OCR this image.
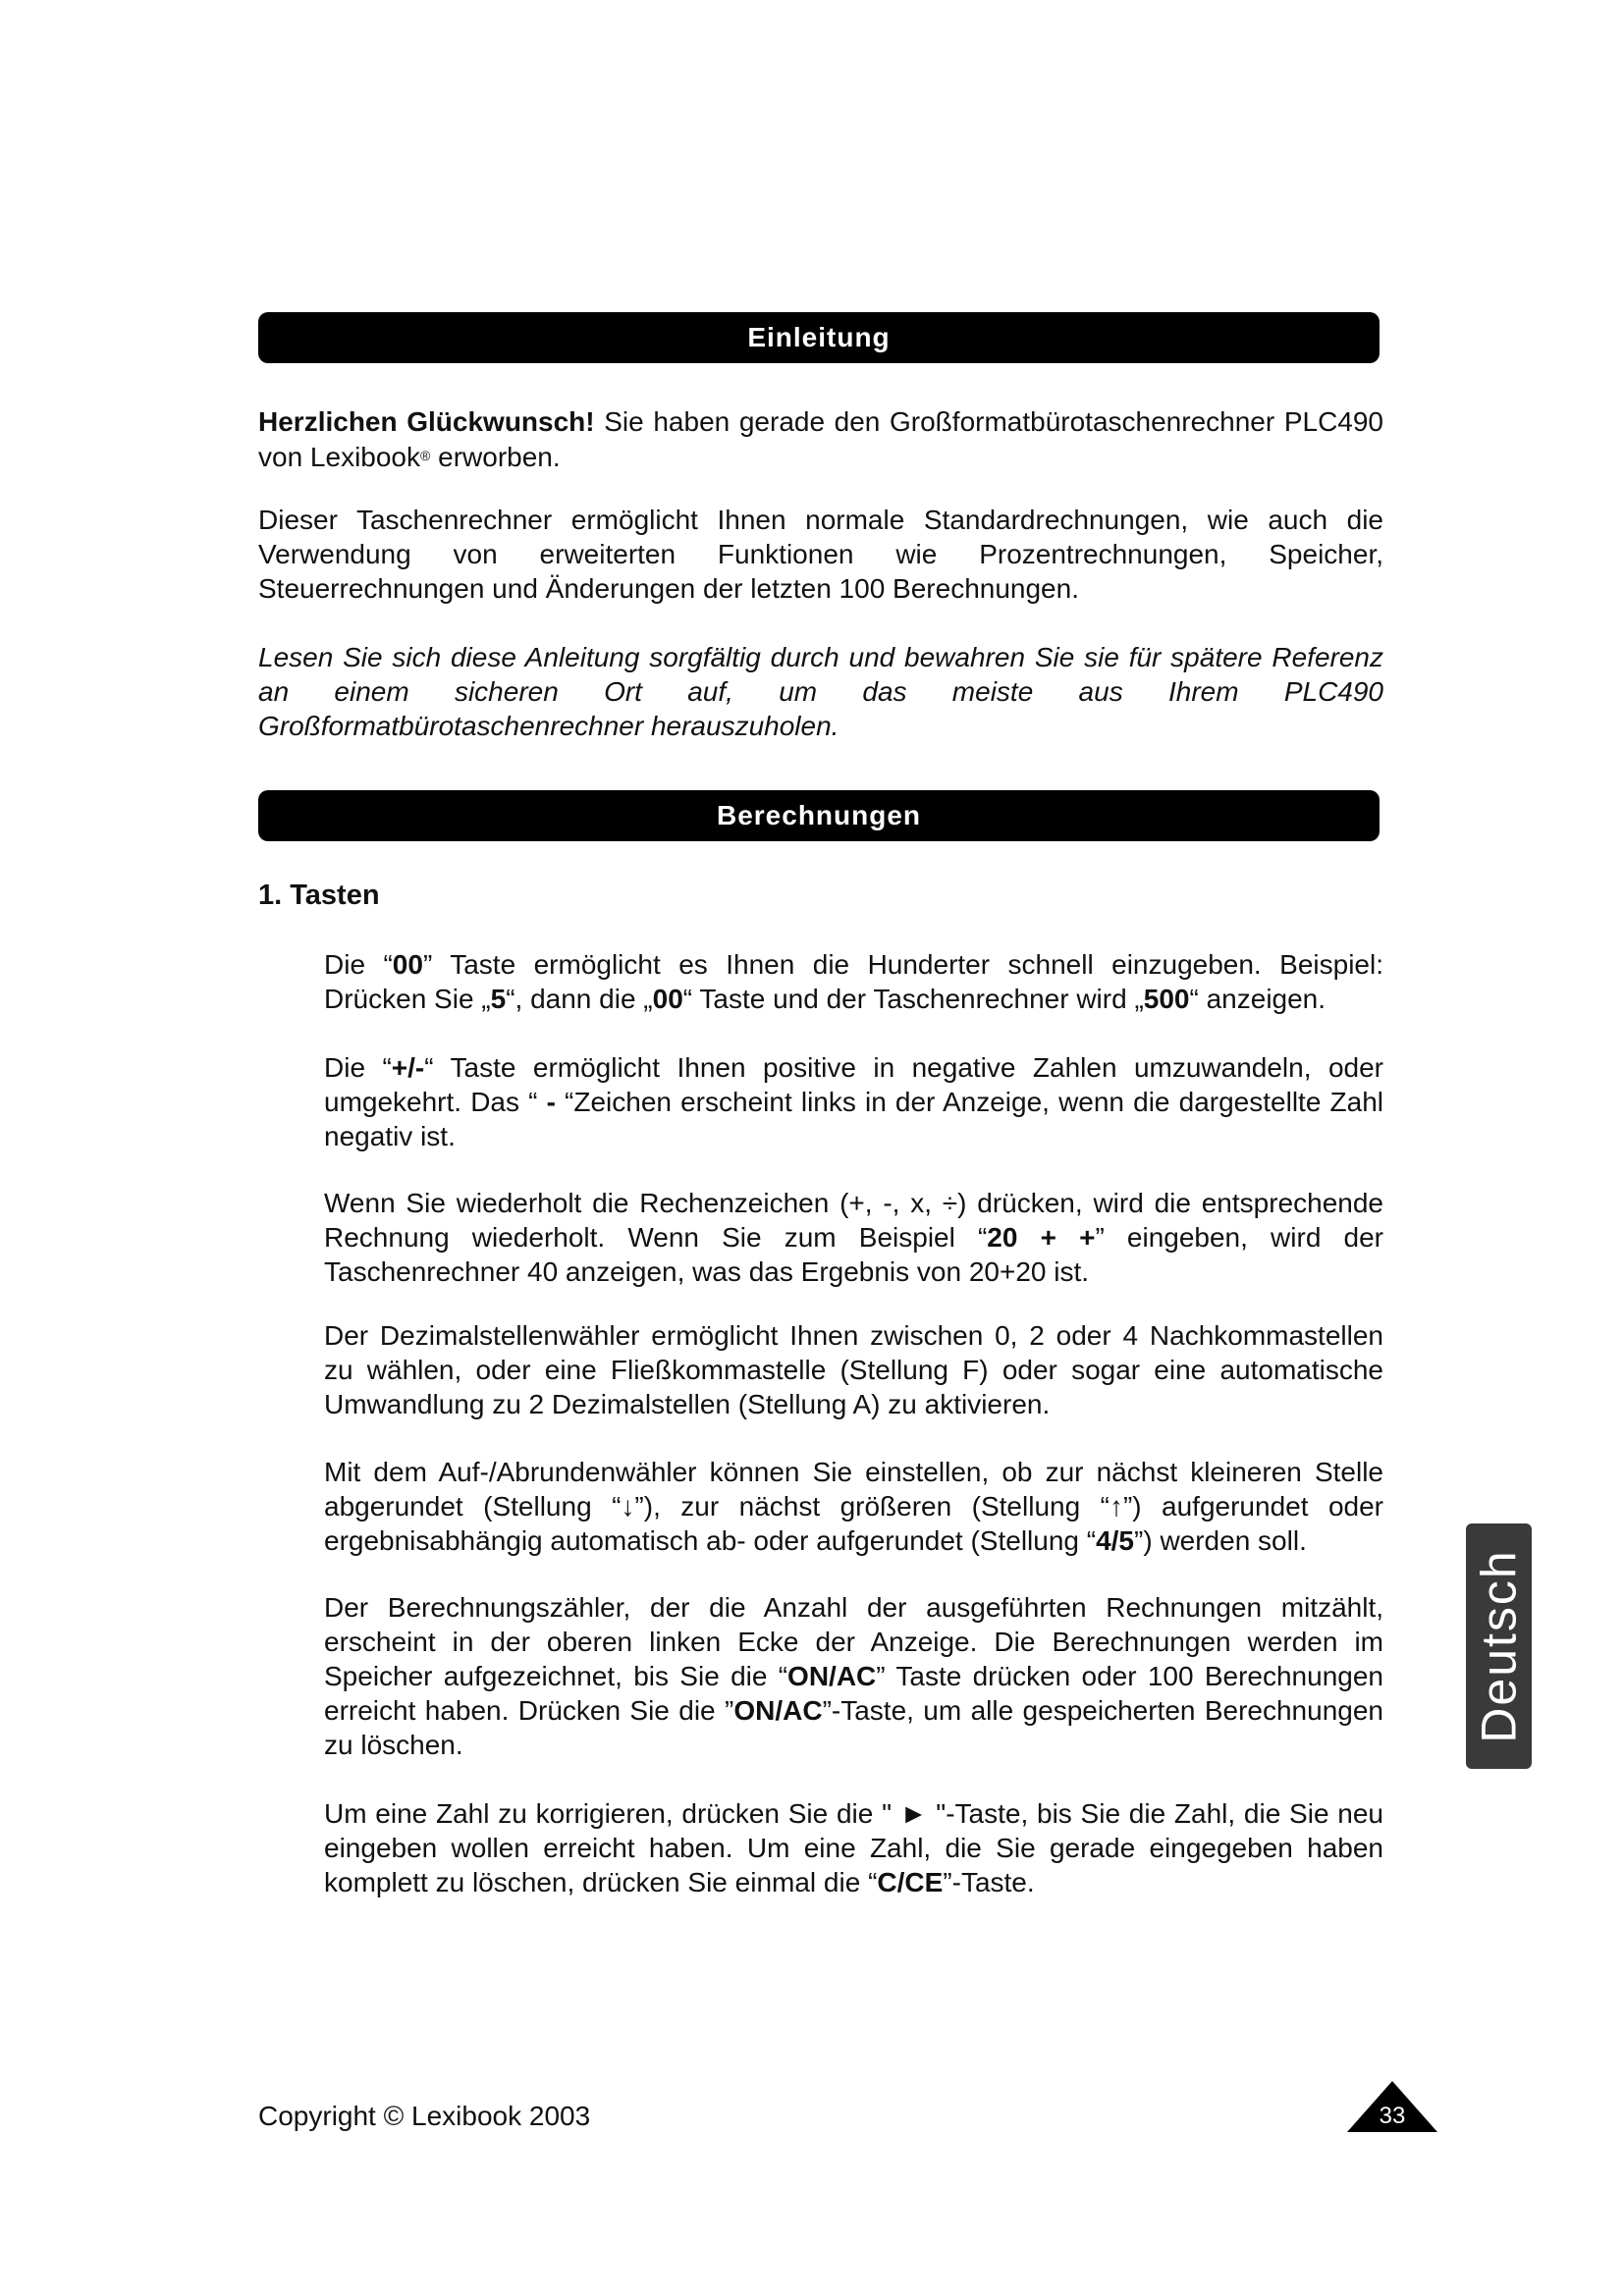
Einleitung

Herzlichen Glückwunsch! Sie haben gerade den Großformatbürotaschenrechner PLC490 von Lexibook® erworben.

Dieser Taschenrechner ermöglicht Ihnen normale Standardrechnungen, wie auch die Verwendung von erweiterten Funktionen wie Prozentrechnungen, Speicher, Steuerrechnungen und Änderungen der letzten 100 Berechnungen.

Lesen Sie sich diese Anleitung sorgfältig durch und bewahren Sie sie für spätere Referenz an einem sicheren Ort auf, um das meiste aus Ihrem PLC490 Großformatbürotaschenrechner herauszuholen.

Berechnungen

1. Tasten

Die “00” Taste ermöglicht es Ihnen die Hunderter schnell einzugeben. Beispiel: Drücken Sie „5“, dann die „00“ Taste und der Taschenrechner wird „500“ anzeigen.

Die “+/-“ Taste ermöglicht Ihnen positive in negative Zahlen umzuwandeln, oder umgekehrt. Das “ - “Zeichen erscheint links in der Anzeige, wenn die dargestellte Zahl negativ ist.

Wenn Sie wiederholt die Rechenzeichen (+, -, x, ÷) drücken, wird die entsprechende Rechnung wiederholt. Wenn Sie zum Beispiel “20 + +” eingeben, wird der Taschenrechner 40 anzeigen, was das Ergebnis von 20+20 ist.

Der Dezimalstellenwähler ermöglicht Ihnen zwischen 0, 2 oder 4 Nachkommastellen zu wählen, oder eine Fließkommastelle (Stellung F) oder sogar eine automatische Umwandlung zu 2 Dezimalstellen (Stellung A) zu aktivieren.

Mit dem Auf-/Abrundenwähler können Sie einstellen, ob zur nächst kleineren Stelle abgerundet (Stellung “↓”), zur nächst größeren (Stellung “↑”) aufgerundet oder ergebnisabhängig automatisch ab- oder aufgerundet (Stellung “4/5”) werden soll.

Der Berechnungszähler, der die Anzahl der ausgeführten Rechnungen mitzählt, erscheint in der oberen linken Ecke der Anzeige. Die Berechnungen werden im Speicher aufgezeichnet, bis Sie die “ON/AC” Taste drücken oder 100 Berechnungen erreicht haben. Drücken Sie die ”ON/AC”-Taste, um alle gespeicherten Berechnungen zu löschen.

Um eine Zahl zu korrigieren, drücken Sie die " ► "-Taste, bis Sie die Zahl, die Sie neu eingeben wollen erreicht haben. Um eine Zahl, die Sie gerade eingegeben haben komplett zu löschen, drücken Sie einmal die “C/CE”-Taste.

Deutsch

Copyright © Lexibook 2003	33
